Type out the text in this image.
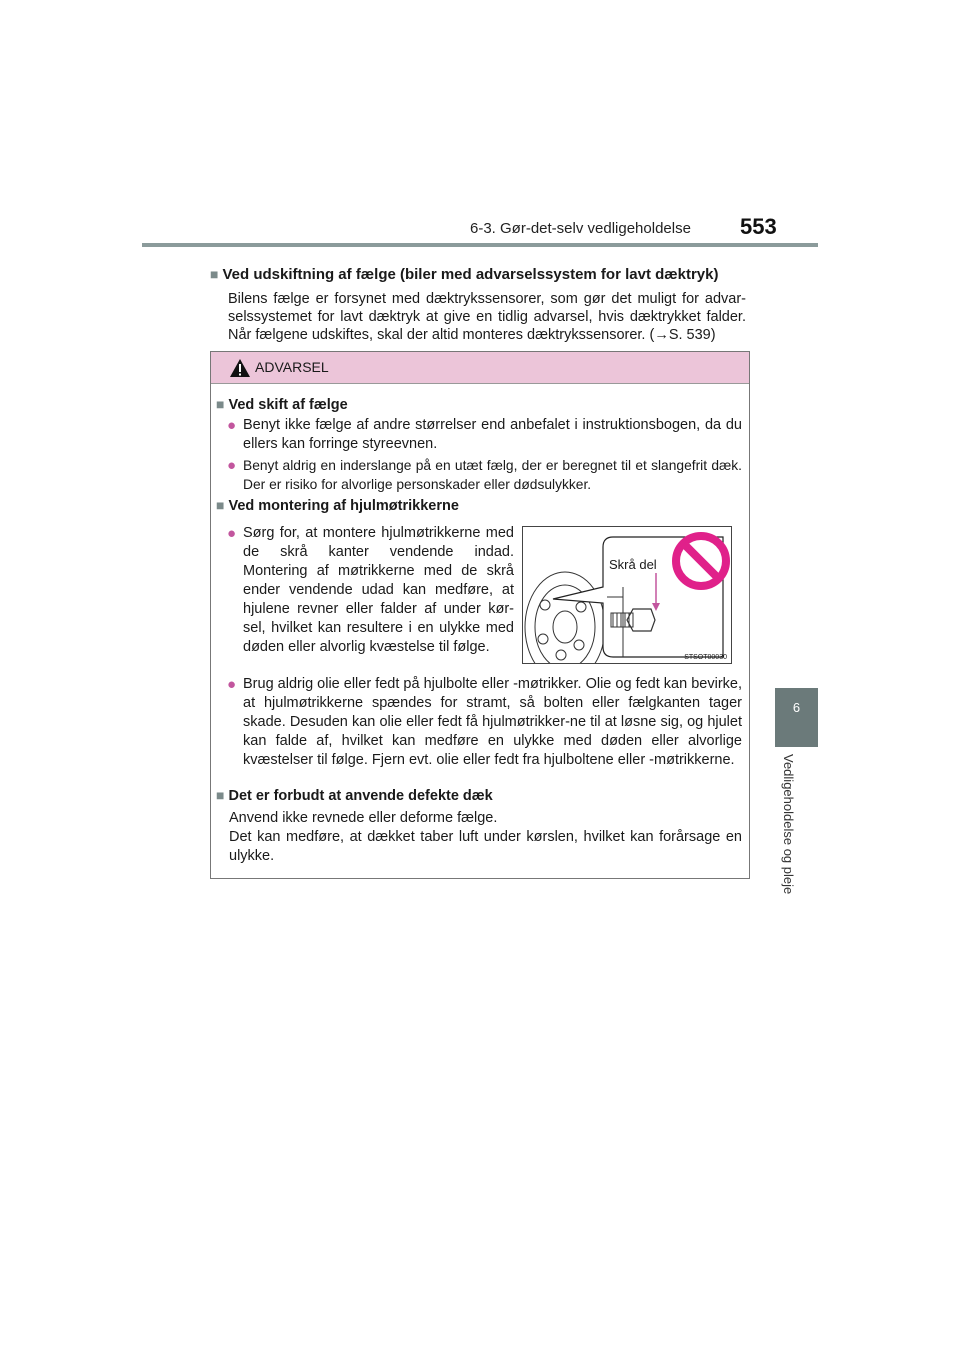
6-3. Gør-det-selv vedligeholdelse	553
6
Vedligeholdelse og pleje
■ Ved udskiftning af fælge (biler med advarselssystem for lavt dæktryk)
Bilens fælge er forsynet med dæktrykssensorer, som gør det muligt for advar-selssystemet for lavt dæktryk at give en tidlig advarsel, hvis dæktrykket falder. Når fælgene udskiftes, skal der altid monteres dæktrykssensorer. (→S. 539)
ADVARSEL
■ Ved skift af fælge
● Benyt ikke fælge af andre størrelser end anbefalet i instruktionsbogen, da du ellers kan forringe styreevnen.
● Benyt aldrig en inderslange på en utæt fælg, der er beregnet til et slangefrit dæk. Der er risiko for alvorlige personskader eller dødsulykker.
■ Ved montering af hjulmøtrikkerne
● Sørg for, at montere hjulmøtrikkerne med de skrå kanter vendende indad. Montering af møtrikkerne med de skrå ender vendende udad kan medføre, at hjulene revner eller falder af under kør-sel, hvilket kan resultere i en ulykke med døden eller alvorlig kvæstelse til følge.
● Brug aldrig olie eller fedt på hjulbolte eller -møtrikker. Olie og fedt kan bevirke, at hjulmøtrikkerne spændes for stramt, så bolten eller fælgkanten tager skade. Desuden kan olie eller fedt få hjulmøtrikker-ne til at løsne sig, og hjulet kan falde af, hvilket kan medføre en ulykke med døden eller alvorlige kvæstelser til følge. Fjern evt. olie eller fedt fra hjulboltene eller -møtrikkerne.
■ Det er forbudt at anvende defekte dæk
Anvend ikke revnede eller deforme fælge.
Det kan medføre, at dækket taber luft under kørslen, hvilket kan forårsage en ulykke.
Skrå del
STSOT00030
